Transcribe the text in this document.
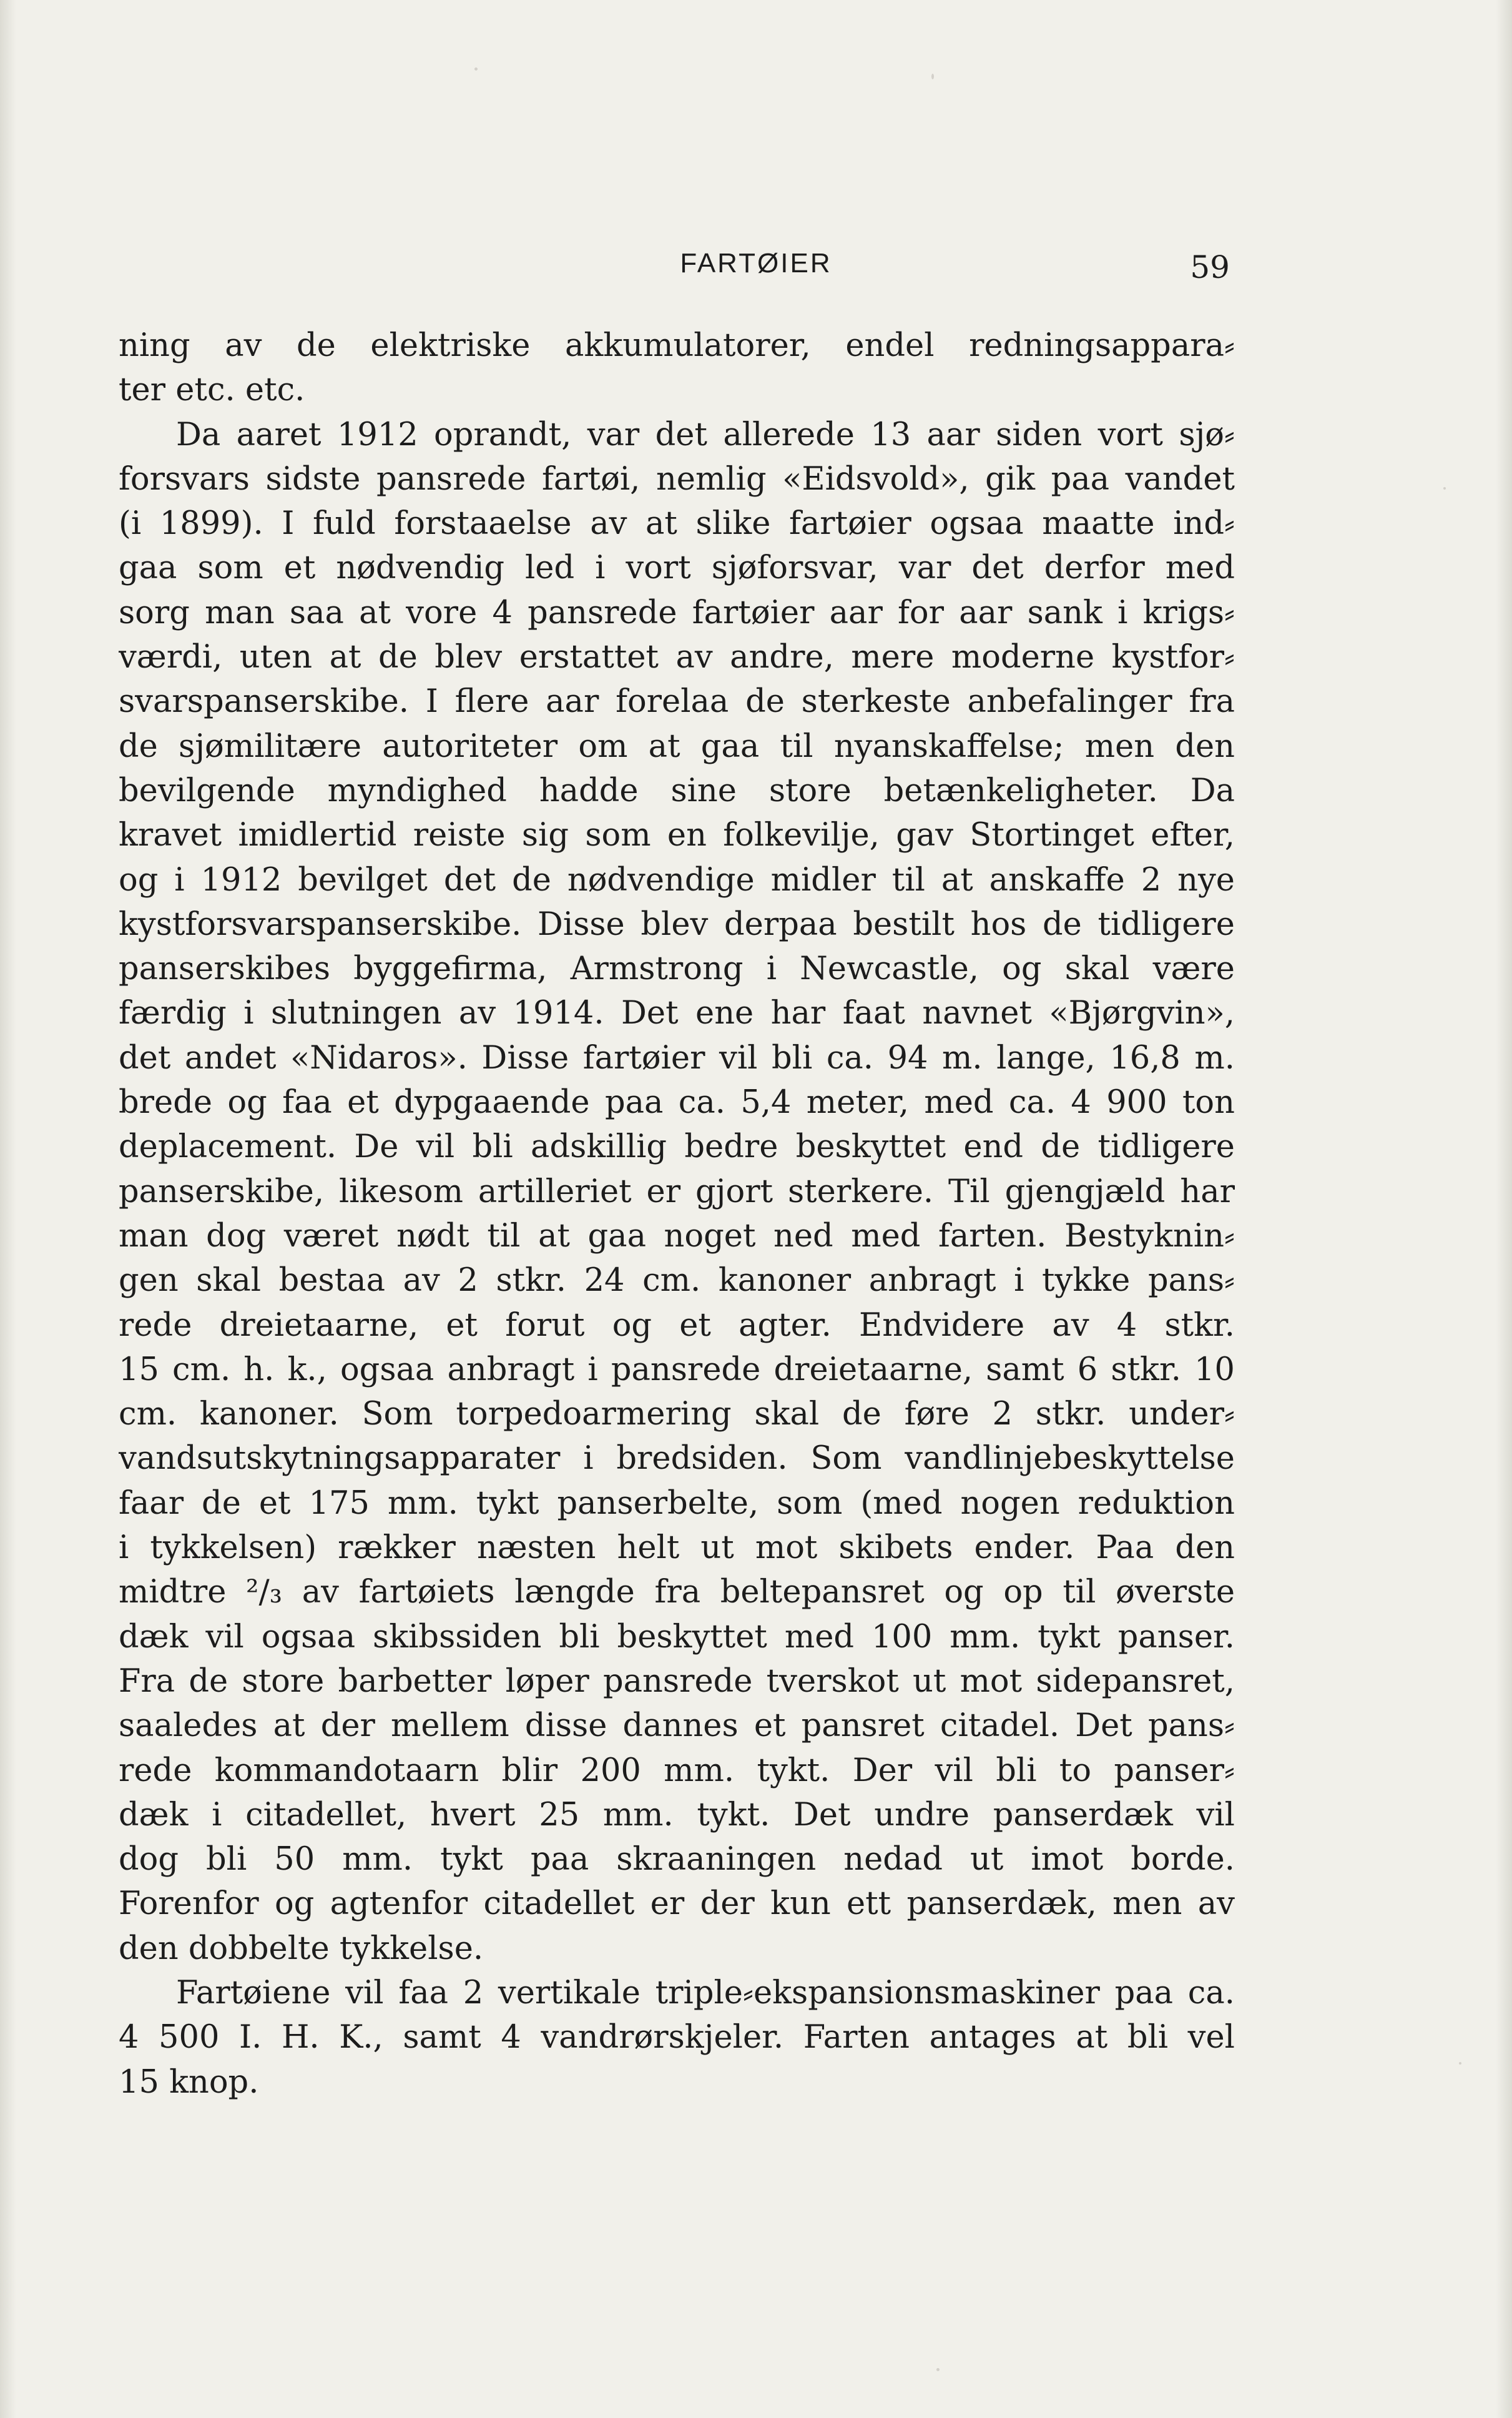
FARTØIER	59
ning av de elektriske akkumulatorer, endel redningsappara⸗
ter etc. etc.
Da aaret 1912 oprandt, var det allerede 13 aar siden vort sjø⸗
forsvars sidste pansrede fartøi, nemlig «Eidsvold», gik paa vandet
(i 1899). I fuld forstaaelse av at slike fartøier ogsaa maatte ind⸗
gaa som et nødvendig led i vort sjøforsvar, var det derfor med
sorg man saa at vore 4 pansrede fartøier aar for aar sank i krigs⸗
værdi, uten at de blev erstattet av andre, mere moderne kystfor⸗
svarspanserskibe. I flere aar forelaa de sterkeste anbefalinger fra
de sjømilitære autoriteter om at gaa til nyanskaffelse; men den
bevilgende myndighed hadde sine store betænkeligheter. Da
kravet imidlertid reiste sig som en folkevilje, gav Stortinget efter,
og i 1912 bevilget det de nødvendige midler til at anskaffe 2 nye
kystforsvarspanserskibe. Disse blev derpaa bestilt hos de tidligere
panserskibes byggefirma, Armstrong i Newcastle, og skal være
færdig i slutningen av 1914. Det ene har faat navnet «Bjørgvin»,
det andet «Nidaros». Disse fartøier vil bli ca. 94 m. lange, 16,8 m.
brede og faa et dypgaaende paa ca. 5,4 meter, med ca. 4 900 ton
deplacement. De vil bli adskillig bedre beskyttet end de tidligere
panserskibe, likesom artilleriet er gjort sterkere. Til gjengjæld har
man dog været nødt til at gaa noget ned med farten. Bestyknin⸗
gen skal bestaa av 2 stkr. 24 cm. kanoner anbragt i tykke pans⸗
rede dreietaarne, et forut og et agter. Endvidere av 4 stkr.
15 cm. h. k., ogsaa anbragt i pansrede dreietaarne, samt 6 stkr. 10
cm. kanoner. Som torpedoarmering skal de føre 2 stkr. under⸗
vandsutskytningsapparater i bredsiden. Som vandlinjebeskyttelse
faar de et 175 mm. tykt panserbelte, som (med nogen reduktion
i tykkelsen) rækker næsten helt ut mot skibets ender. Paa den
midtre ²/₃ av fartøiets længde fra beltepansret og op til øverste
dæk vil ogsaa skibssiden bli beskyttet med 100 mm. tykt panser.
Fra de store barbetter løper pansrede tverskot ut mot sidepansret,
saaledes at der mellem disse dannes et pansret citadel. Det pans⸗
rede kommandotaarn blir 200 mm. tykt. Der vil bli to panser⸗
dæk i citadellet, hvert 25 mm. tykt. Det undre panserdæk vil
dog bli 50 mm. tykt paa skraaningen nedad ut imot borde.
Forenfor og agtenfor citadellet er der kun ett panserdæk, men av
den dobbelte tykkelse.
Fartøiene vil faa 2 vertikale triple⸗ekspansionsmaskiner paa ca.
4 500 I. H. K., samt 4 vandrørskjeler. Farten antages at bli vel
15 knop.
